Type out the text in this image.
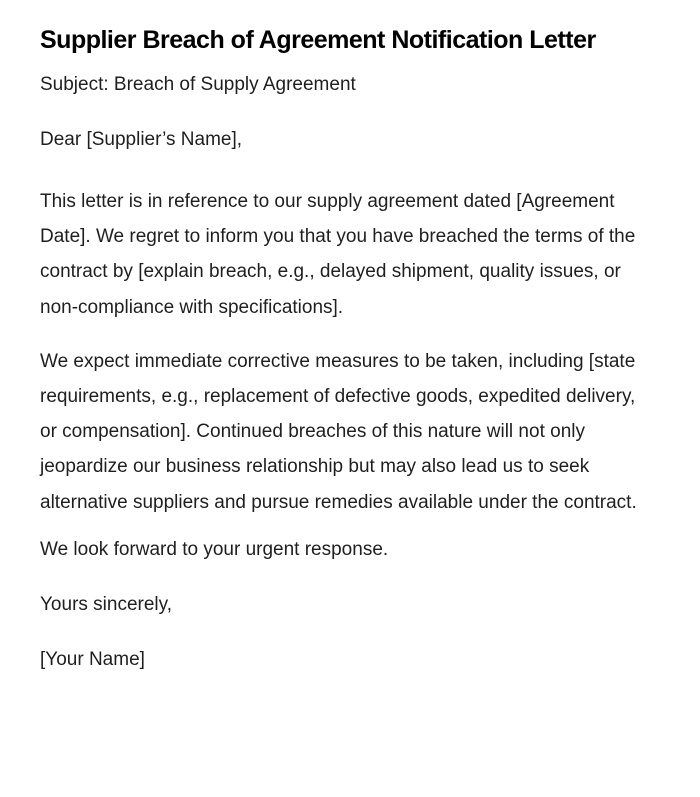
Supplier Breach of Agreement Notification Letter

Subject: Breach of Supply Agreement

Dear [Supplier’s Name],

This letter is in reference to our supply agreement dated [Agreement Date]. We regret to inform you that you have breached the terms of the contract by [explain breach, e.g., delayed shipment, quality issues, or non-compliance with specifications].

We expect immediate corrective measures to be taken, including [state requirements, e.g., replacement of defective goods, expedited delivery, or compensation]. Continued breaches of this nature will not only jeopardize our business relationship but may also lead us to seek alternative suppliers and pursue remedies available under the contract.

We look forward to your urgent response.

Yours sincerely,

[Your Name]
